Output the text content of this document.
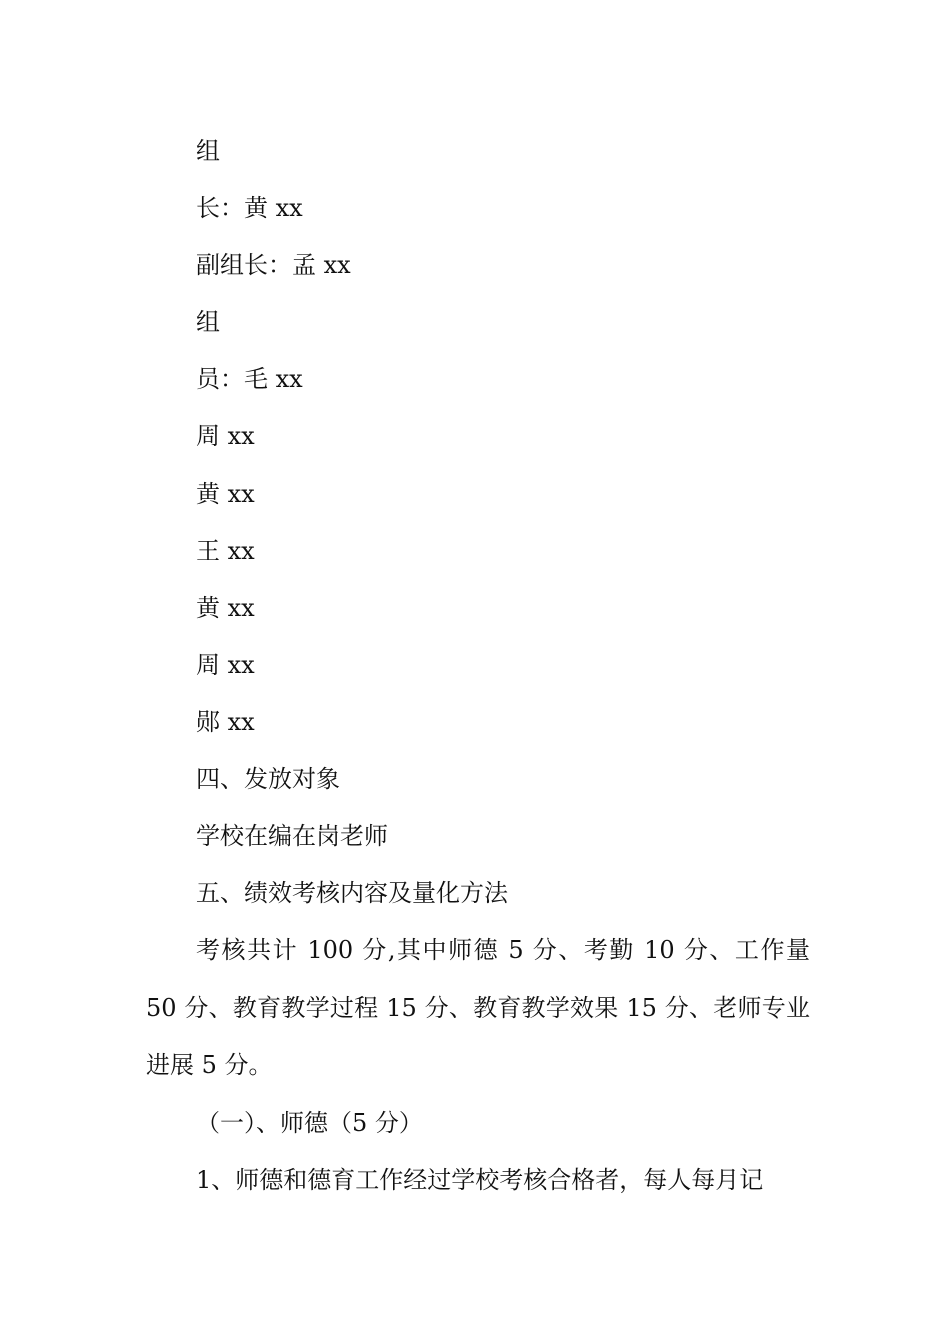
组
长：黄 xx
副组长：孟 xx
组
员：毛 xx
周 xx
黄 xx
王 xx
黄 xx
周 xx
郧 xx
四、发放对象
学校在编在岗老师
五、绩效考核内容及量化方法
考核共计 100 分,其中师德 5 分、考勤 10 分、工作量 50 分、教育教学过程 15 分、教育教学效果 15 分、老师专业进展 5 分。
（一）、师德（5 分）
1、师德和德育工作经过学校考核合格者，每人每月记
